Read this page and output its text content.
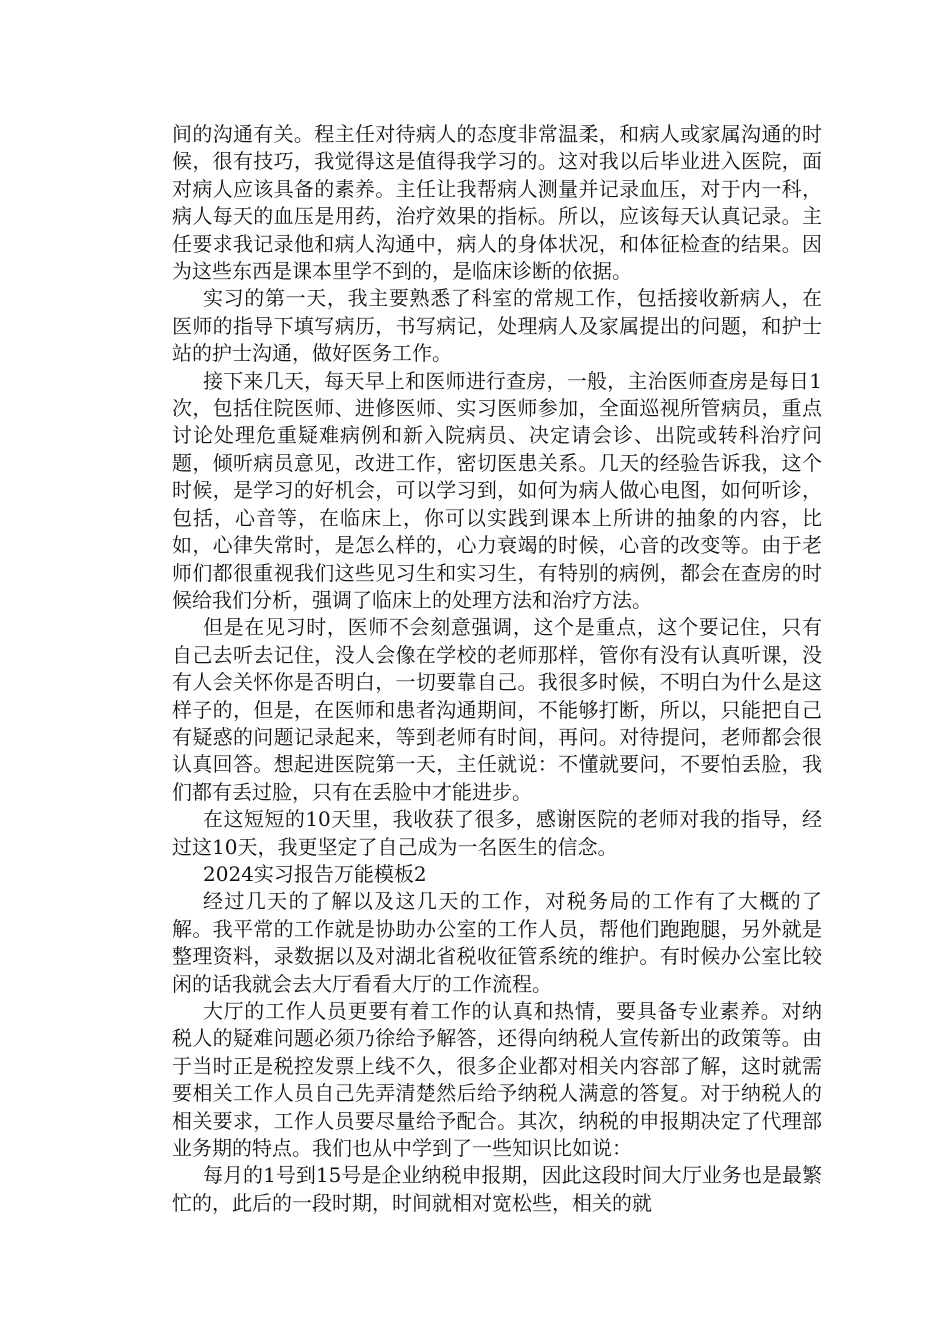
间的沟通有关。程主任对待病人的态度非常温柔，和病人或家属沟通的时候，很有技巧，我觉得这是值得我学习的。这对我以后毕业进入医院，面对病人应该具备的素养。主任让我帮病人测量并记录血压，对于内一科，病人每天的血压是用药，治疗效果的指标。所以，应该每天认真记录。主任要求我记录他和病人沟通中，病人的身体状况，和体征检查的结果。因为这些东西是课本里学不到的，是临床诊断的依据。

实习的第一天，我主要熟悉了科室的常规工作，包括接收新病人，在医师的指导下填写病历，书写病记，处理病人及家属提出的问题，和护士站的护士沟通，做好医务工作。

接下来几天，每天早上和医师进行查房，一般，主治医师查房是每日1次，包括住院医师、进修医师、实习医师参加，全面巡视所管病员，重点讨论处理危重疑难病例和新入院病员、决定请会诊、出院或转科治疗问题，倾听病员意见，改进工作，密切医患关系。几天的经验告诉我，这个时候，是学习的好机会，可以学习到，如何为病人做心电图，如何听诊，包括，心音等，在临床上，你可以实践到课本上所讲的抽象的内容，比如，心律失常时，是怎么样的，心力衰竭的时候，心音的改变等。由于老师们都很重视我们这些见习生和实习生，有特别的病例，都会在查房的时候给我们分析，强调了临床上的处理方法和治疗方法。

但是在见习时，医师不会刻意强调，这个是重点，这个要记住，只有自己去听去记住，没人会像在学校的老师那样，管你有没有认真听课，没有人会关怀你是否明白，一切要靠自己。我很多时候，不明白为什么是这样子的，但是，在医师和患者沟通期间，不能够打断，所以，只能把自己有疑惑的问题记录起来，等到老师有时间，再问。对待提问，老师都会很认真回答。想起进医院第一天，主任就说：不懂就要问，不要怕丢脸，我们都有丢过脸，只有在丢脸中才能进步。

在这短短的10天里，我收获了很多，感谢医院的老师对我的指导，经过这10天，我更坚定了自己成为一名医生的信念。

2024实习报告万能模板2

经过几天的了解以及这几天的工作，对税务局的工作有了大概的了解。我平常的工作就是协助办公室的工作人员，帮他们跑跑腿，另外就是整理资料，录数据以及对湖北省税收征管系统的维护。有时候办公室比较闲的话我就会去大厅看看大厅的工作流程。

大厅的工作人员更要有着工作的认真和热情，要具备专业素养。对纳税人的疑难问题必须乃徐给予解答，还得向纳税人宣传新出的政策等。由于当时正是税控发票上线不久，很多企业都对相关内容部了解，这时就需要相关工作人员自己先弄清楚然后给予纳税人满意的答复。对于纳税人的相关要求，工作人员要尽量给予配合。其次，纳税的申报期决定了代理部业务期的特点。我们也从中学到了一些知识比如说：

每月的1号到15号是企业纳税申报期，因此这段时间大厅业务也是最繁忙的，此后的一段时期，时间就相对宽松些，相关的就
